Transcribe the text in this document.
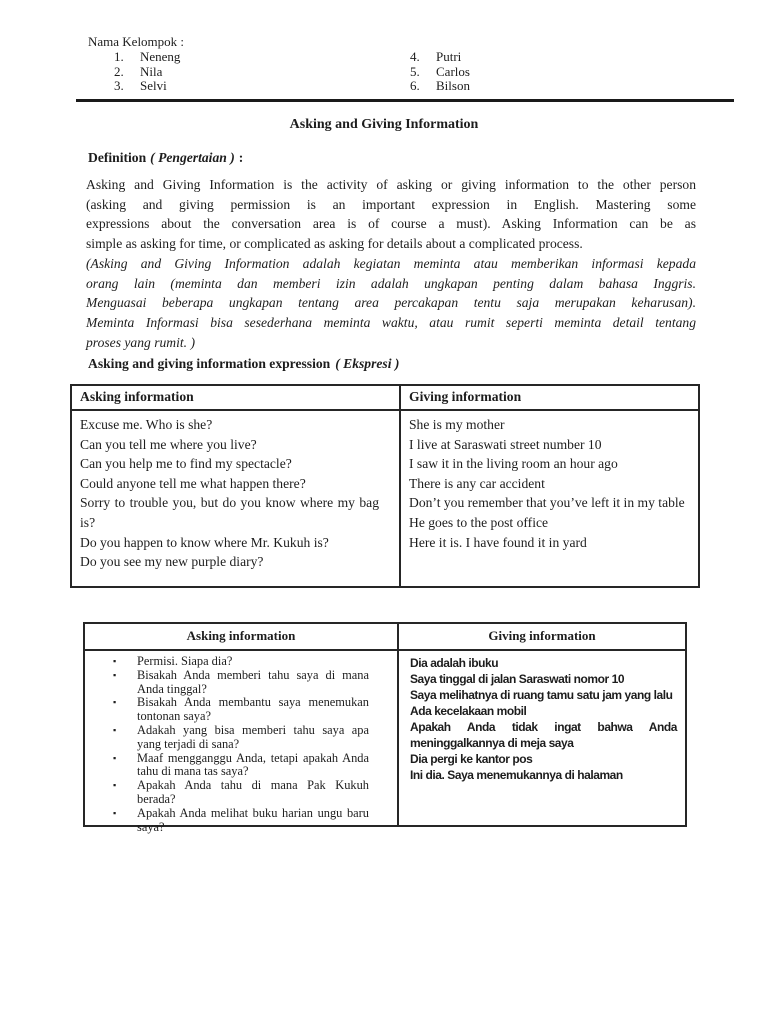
Nama Kelompok :
1.	Neneng
2.	Nila
3.	Selvi
4.	Putri
5.	Carlos
6.	Bilson
Asking and Giving Information
Definition ( Pengertaian ) :
Asking and Giving Information is the activity of asking or giving information to the other person
(asking and giving permission is an important expression in English. Mastering some
expressions about the conversation area is of course a must). Asking Information can be as
simple as asking for time, or complicated as asking for details about a complicated process.
(Asking and Giving Information adalah kegiatan meminta atau memberikan informasi kepada
orang lain (meminta dan memberi izin adalah ungkapan penting dalam bahasa Inggris.
Menguasai beberapa ungkapan tentang area percakapan tentu saja merupakan keharusan).
Meminta Informasi bisa sesederhana meminta waktu, atau rumit seperti meminta detail tentang
proses yang rumit. )
Asking and giving information expression ( Ekspresi )
Asking information	Giving information
Excuse me. Who is she?
Can you tell me where you live?
Can you help me to find my spectacle?
Could anyone tell me what happen there?
Sorry to trouble you, but do you know where my bag is?
Do you happen to know where Mr. Kukuh is?
Do you see my new purple diary?
She is my mother
I live at Saraswati street number 10
I saw it in the living room an hour ago
There is any car accident
Don’t you remember that you’ve left it in my table
He goes to the post office
Here it is. I have found it in yard
Asking information	Giving information
▪ Permisi. Siapa dia?
▪ Bisakah Anda memberi tahu saya di mana Anda tinggal?
▪ Bisakah Anda membantu saya menemukan tontonan saya?
▪ Adakah yang bisa memberi tahu saya apa yang terjadi di sana?
▪ Maaf mengganggu Anda, tetapi apakah Anda tahu di mana tas saya?
▪ Apakah Anda tahu di mana Pak Kukuh berada?
▪ Apakah Anda melihat buku harian ungu baru saya?
Dia adalah ibuku
Saya tinggal di jalan Saraswati nomor 10
Saya melihatnya di ruang tamu satu jam yang lalu
Ada kecelakaan mobil
Apakah Anda tidak ingat bahwa Anda meninggalkannya di meja saya
Dia pergi ke kantor pos
Ini dia. Saya menemukannya di halaman
